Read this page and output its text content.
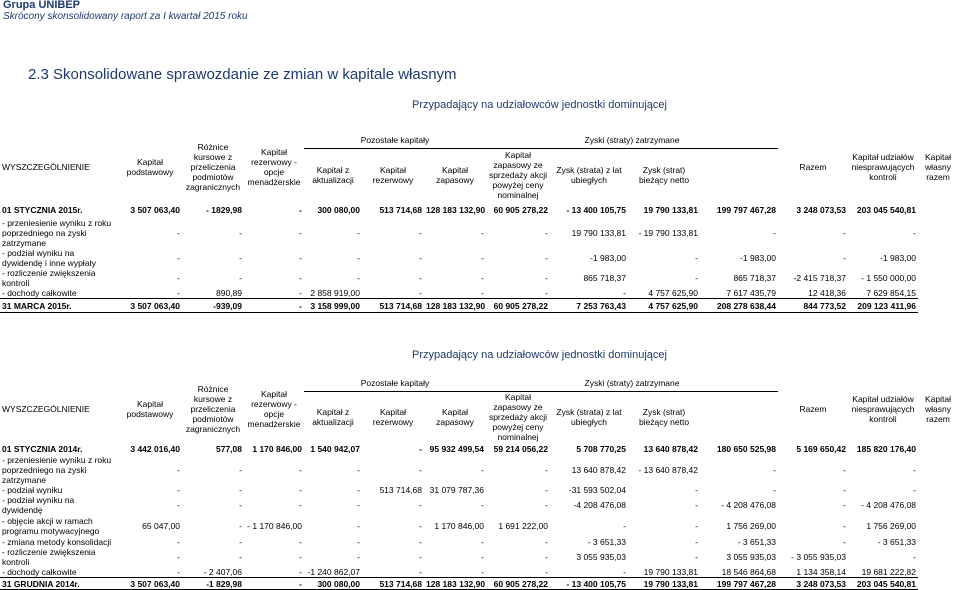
Grupa UNIBEP
Skrócony skonsolidowany raport za I kwartał 2015 roku
2.3 Skonsolidowane sprawozdanie ze zmian w kapitale własnym
Przypadający na udziałowców jednostki dominującej
WYSZCZEGÓLNIENIE	Kapitał podstawowy	Różnice kursowe z przeliczenia podmiotów zagranicznych	Kapitał rezerwowy - opcje menadżerskie	Pozostałe kapitały			Zyski (straty) zatrzymane				Razem	Kapitał udziałów niesprawujących kontroli	Kapitał własny razem
				Kapitał z aktualizacji	Kapitał rezerwowy	Kapitał zapasowy	Kapitał zapasowy ze sprzedaży akcji powyżej ceny nominalnej	Zysk (strata) z lat ubiegłych	Zysk (strat) bieżący netto				
01 STYCZNIA 2015r.	3 507 063,40	- 1829,98	-	300 080,00	513 714,68	128 183 132,90	60 905 278,22	- 13 400 105,75	19 790 133,81	199 797 467,28	3 248 073,53	203 045 540,81	
- przeniesienie wyniku z roku poprzedniego na zyski zatrzymane	-	-	-	-	-	-	-	19 790 133,81	- 19 790 133,81	-	-	-	
- podział wyniku na dywidendę i inne wypłaty	-	-	-	-	-	-	-	-1 983,00	-	-1 983,00	-	-1 983,00	
- rozliczenie zwiększenia kontroli	-	-	-	-	-	-	-	865 718,37	-	865 718,37	-2 415 718,37	- 1 550 000,00	
- dochody całkowite	-	890,89	-	2 858 919,00	-	-	-	-	4 757 625,90	7 617 435,79	12 418,36	7 629 854,15	
31 MARCA 2015r.	3 507 063,40	-939,09	-	3 158 999,00	513 714,68	128 183 132,90	60 905 278,22	7 253 763,43	4 757 625,90	208 278 638,44	844 773,52	209 123 411,96	
Przypadający na udziałowców jednostki dominującej
WYSZCZEGÓLNIENIE	Kapitał podstawowy	Różnice kursowe z przeliczenia podmiotów zagranicznych	Kapitał rezerwowy - opcje menadżerskie	Pozostałe kapitały			Zyski (straty) zatrzymane				Razem	Kapitał udziałów niesprawujących kontroli	Kapitał własny razem
				Kapitał z aktualizacji	Kapitał rezerwowy	Kapitał zapasowy	Kapitał zapasowy ze sprzedaży akcji powyżej ceny nominalnej	Zysk (strata) z lat ubiegłych	Zysk (strat) bieżący netto				
01 STYCZNIA 2014r.	3 442 016,40	577,08	1 170 846,00	1 540 942,07	-	95 932 499,54	59 214 056,22	5 708 770,25	13 640 878,42	180 650 525,98	5 169 650,42	185 820 176,40	
- przeniesienie wyniku z roku poprzedniego na zyski zatrzymane	-	-	-	-	-	-	-	13 640 878,42	- 13 640 878,42	-	-	-	
- podział wyniku	-	-	-	-	513 714,68	31 079 787,36	-	-31 593 502,04	-	-	-	-	
- podział wyniku na dywidendę	-	-	-	-	-	-	-	-4 208 476,08	-	- 4 208 476,08	-	- 4 208 476,08	
- objęcie akcji w ramach programu motywacyjnego	65 047,00	-	- 1 170 846,00	-	-	1 170 846,00	1 691 222,00	-	-	1 756 269,00	-	1 756 269,00	
- zmiana metody konsolidacji	-	-	-	-	-	-	-	- 3 651,33	-	- 3 651,33	-	- 3 651,33	
- rozliczenie zwiększenia kontroli	-	-	-	-	-	-	-	3 055 935,03	-	3 055 935,03	- 3 055 935,03	-	
- dochody całkowite	-	- 2 407,06	-	-1 240 862,07	-	-	-	-	19 790 133,81	18 546 864,68	1 134 358,14	19 681 222,82	
31 GRUDNIA 2014r.	3 507 063,40	-1 829,98	-	300 080,00	513 714,68	128 183 132,90	60 905 278,22	- 13 400 105,75	19 790 133,81	199 797 467,28	3 248 073,53	203 045 540,81	
